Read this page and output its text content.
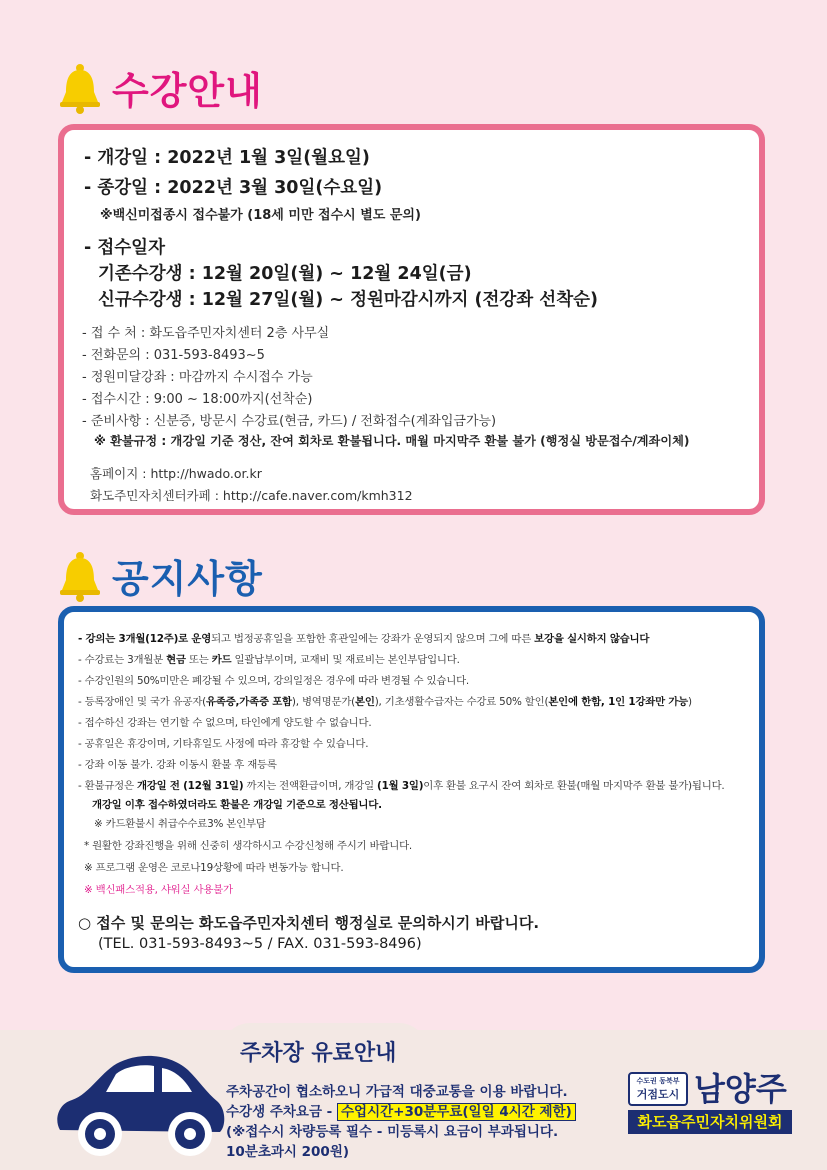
수강안내
- 개강일 : 2022년 1월 3일(월요일)
- 종강일 : 2022년 3월 30일(수요일)
※백신미접종시 접수불가 (18세 미만 접수시 별도 문의)
- 접수일자
기존수강생 : 12월 20일(월) ~ 12월 24일(금)
신규수강생 : 12월 27일(월) ~ 정원마감시까지 (전강좌 선착순)
- 접 수 처 : 화도읍주민자치센터 2층 사무실
- 전화문의 : 031-593-8493~5
- 정원미달강좌 : 마감까지 수시접수 가능
- 접수시간 : 9:00 ~ 18:00까지(선착순)
- 준비사항 : 신분증, 방문시 수강료(현금, 카드) / 전화접수(계좌입금가능)
※ 환불규정 : 개강일 기준 정산, 잔여 회차로 환불됩니다. 매월 마지막주 환불 불가 (행정실 방문접수/계좌이체)
홈페이지 : http://hwado.or.kr
화도주민자치센터카페 : http://cafe.naver.com/kmh312
공지사항
- 강의는 3개월(12주)로 운영되고 법정공휴일을 포함한 휴관일에는 강좌가 운영되지 않으며 그에 따른 보강을 실시하지 않습니다
- 수강료는 3개월분 현금 또는 카드 일괄납부이며, 교재비 및 재료비는 본인부담입니다.
- 수강인원의 50%미만은 폐강될 수 있으며, 강의일정은 경우에 따라 변경될 수 있습니다.
- 등록장애인 및 국가 유공자(유족증,가족증 포함), 병역명문가(본인), 기초생활수급자는 수강료 50% 할인(본인에 한함, 1인 1강좌만 가능)
- 접수하신 강좌는 연기할 수 없으며, 타인에게 양도할 수 없습니다.
- 공휴일은 휴강이며, 기타휴일도 사정에 따라 휴강할 수 있습니다.
- 강좌 이동 불가. 강좌 이동시 환불 후 재등록
- 환불규정은 개강일 전 (12월 31일) 까지는 전액환급이며, 개강일 (1월 3일)이후 환불 요구시 잔여 회차로 환불(매월 마지막주 환불 불가)됩니다.
개강일 이후 접수하였더라도 환불은 개강일 기준으로 정산됩니다.
※ 카드환불시 취급수수료3% 본인부담
* 원활한 강좌진행을 위해 신중히 생각하시고 수강신청해 주시기 바랍니다.
※ 프로그램 운영은 코로나19상황에 따라 변동가능 합니다.
※ 백신패스적용, 샤워실 사용불가
○ 접수 및 문의는 화도읍주민자치센터 행정실로 문의하시기 바랍니다.
(TEL. 031-593-8493~5 / FAX. 031-593-8496)
주차장 유료안내
주차공간이 협소하오니 가급적 대중교통을 이용 바랍니다.
수강생 주차요금 - 수업시간+30분무료(일일 4시간 제한)
(※접수시 차량등록 필수 - 미등록시 요금이 부과됩니다.
10분초과시 200원)
수도권 동북부
거점도시 남양주
화도읍주민자치위원회
